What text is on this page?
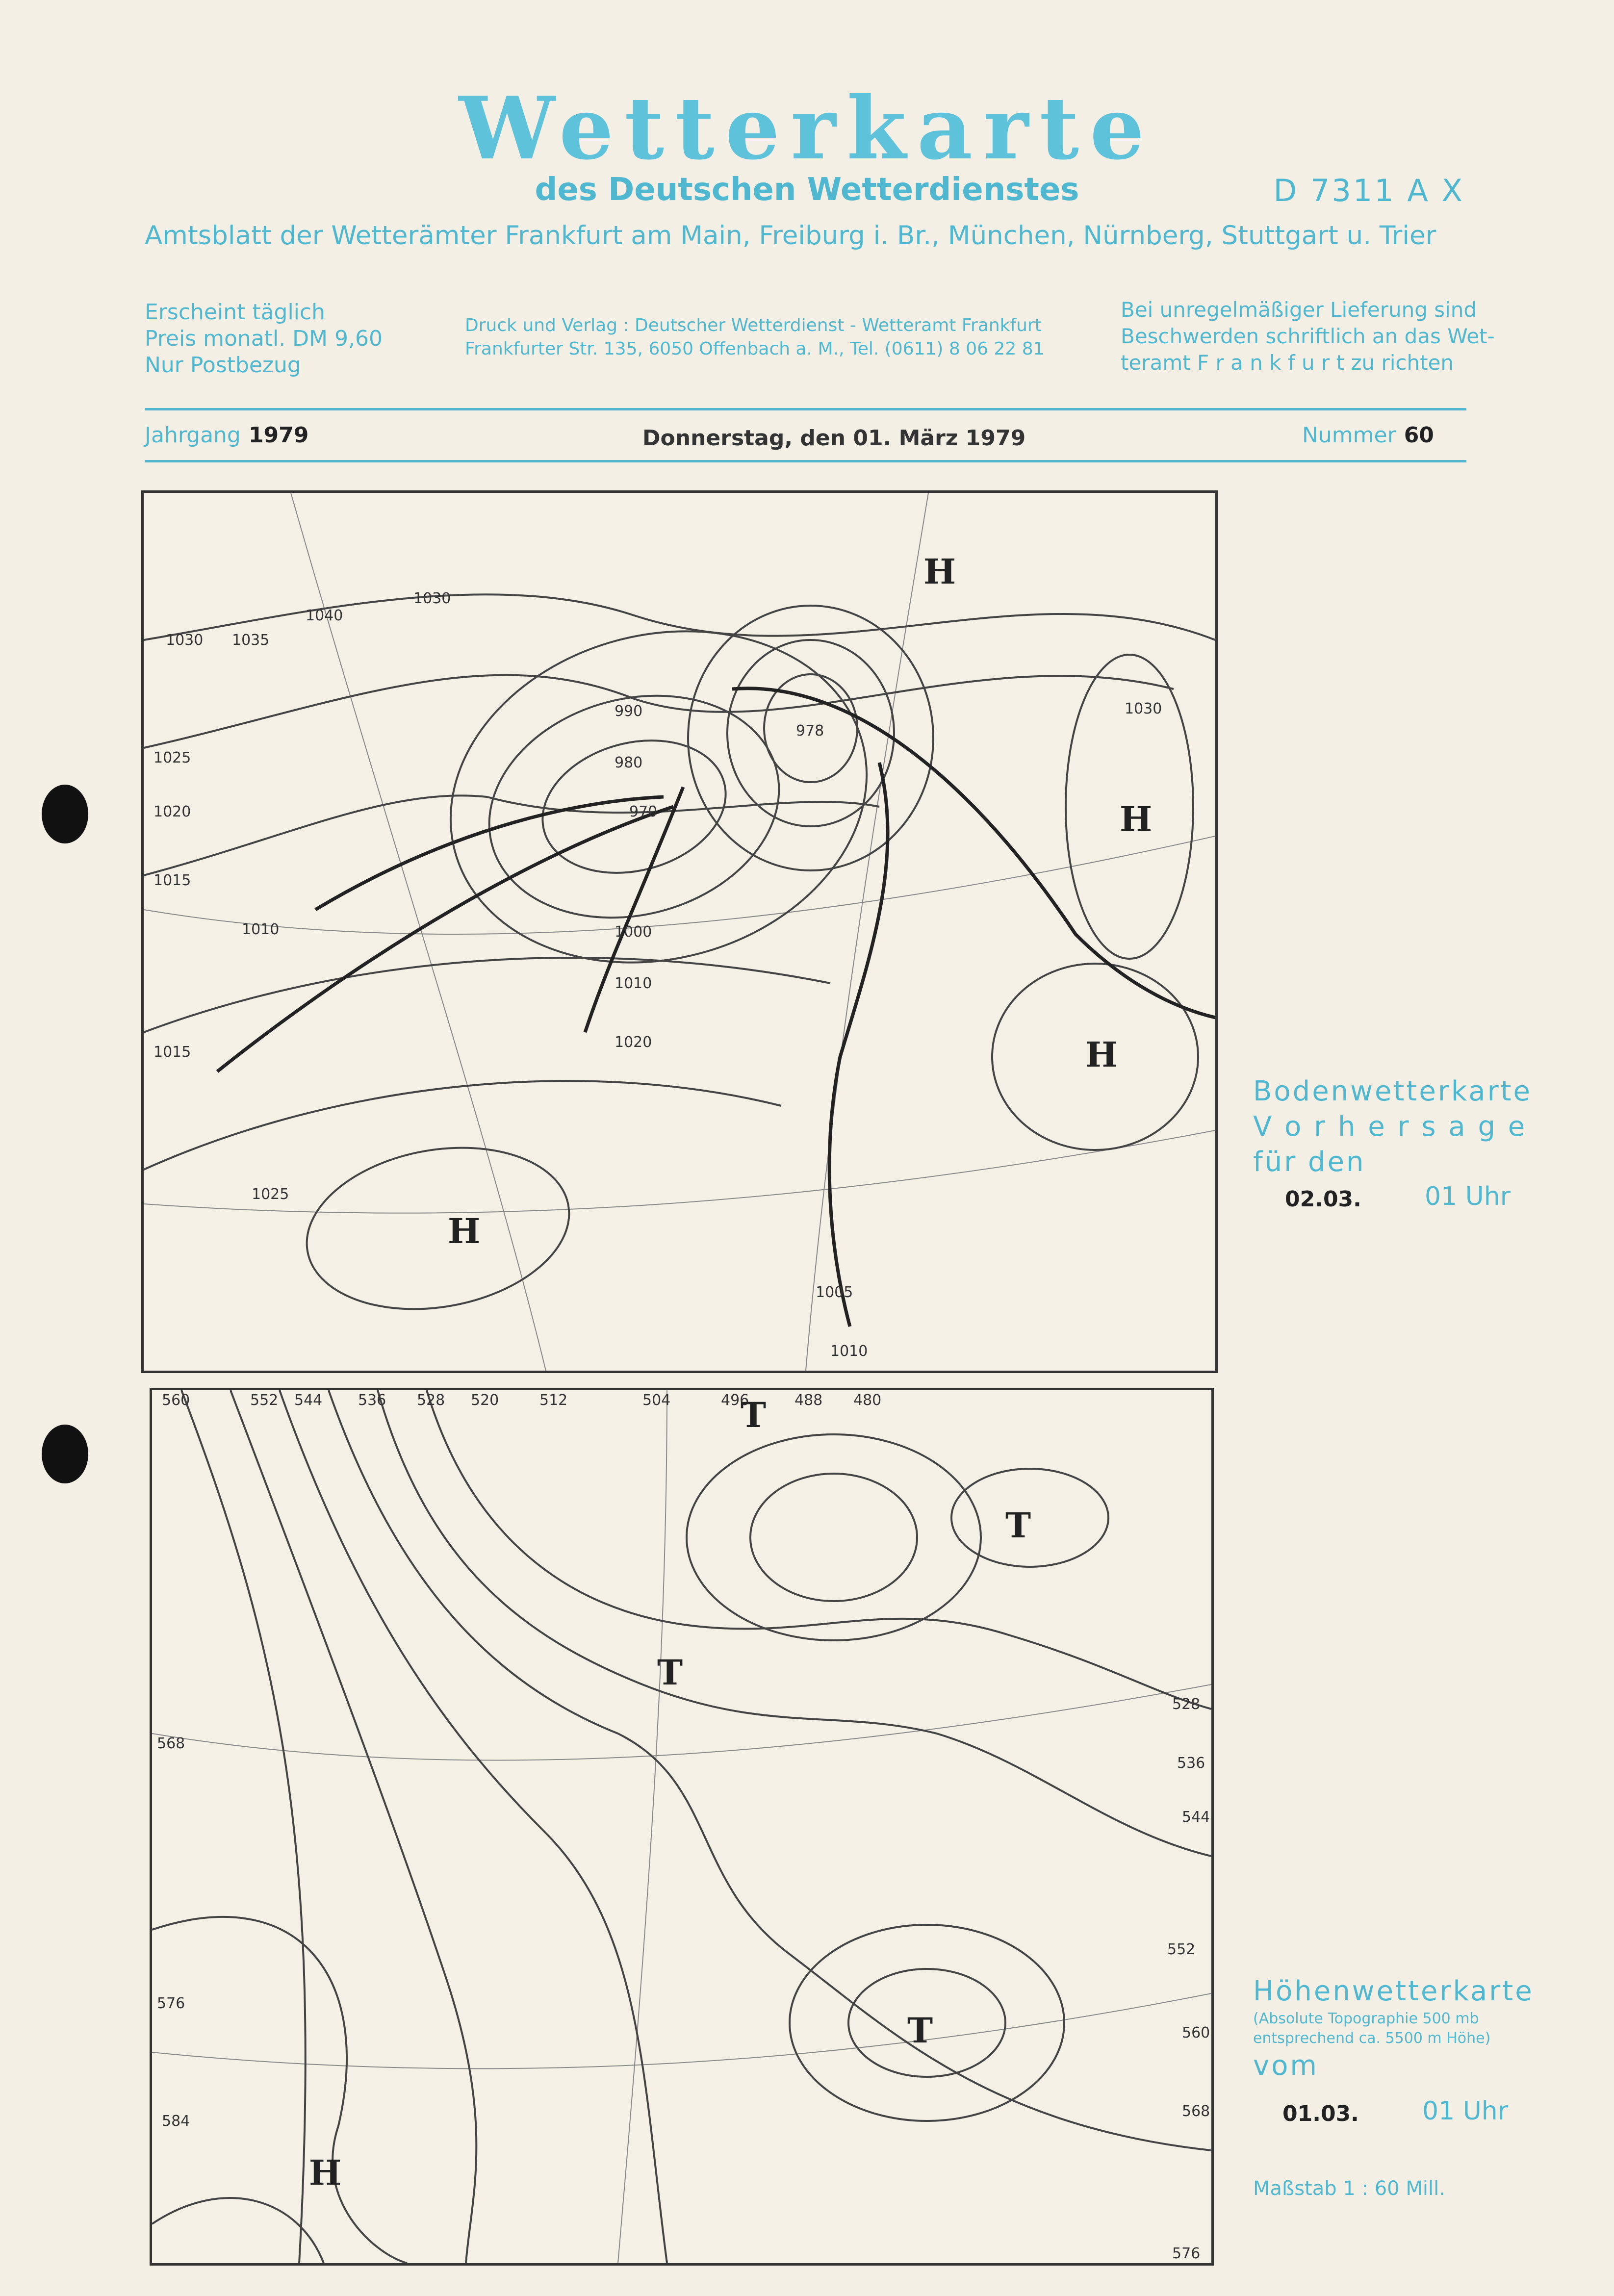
Wetterkarte
des Deutschen Wetterdienstes	D 7311 A X
Amtsblatt der Wetterämter Frankfurt am Main, Freiburg i. Br., München, Nürnberg, Stuttgart u. Trier
Erscheint täglich
Preis monatl. DM 9,60
Nur Postbezug
Druck und Verlag : Deutscher Wetterdienst - Wetteramt Frankfurt
Frankfurter Str. 135, 6050 Offenbach a. M., Tel. (0611) 8 06 22 81
Bei unregelmäßiger Lieferung sind
Beschwerden schriftlich an das Wet-
teramt F r a n k f u r t zu richten
Jahrgang 1979	Donnerstag, den 01. März 1979	Nummer 60
1040
1035
1030
1030
1025
1020
1015
1010	1000
990
980
970
978
1010
1015
1020
1025
1030
1010
1005
H
H
H
H
Bodenwetterkarte
V o r h e r s a g e
für den
02.03. 01 Uhr
560	552 544 536 528 520	512	504	496	488 480
568
576
584
528
536
544
552
560
568
576
T
T
T
T
H
Höhenwetterkarte
(Absolute Topographie 500 mb
entsprechend ca. 5500 m Höhe)
vom
01.03. 01 Uhr
Maßstab 1 : 60 Mill.
